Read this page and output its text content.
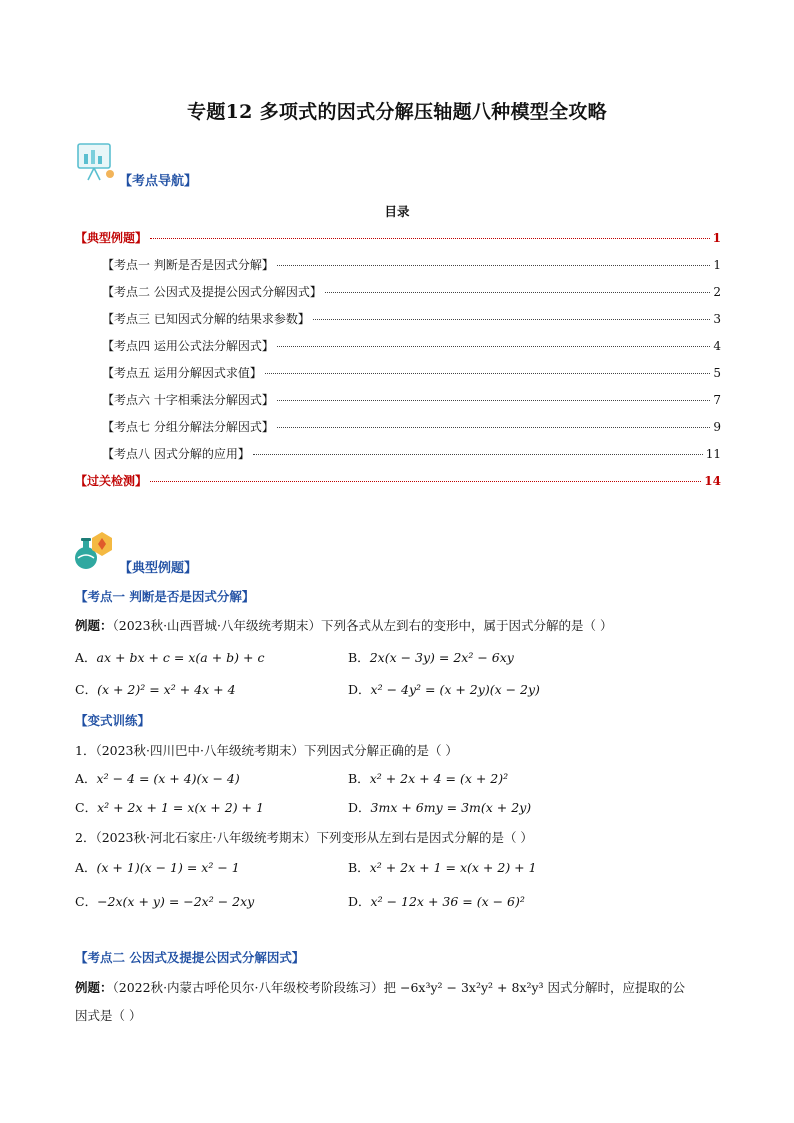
专题12 多项式的因式分解压轴题八种模型全攻略
【考点导航】
目录
【典型例题】	1
【考点一 判断是否是因式分解】	1
【考点二 公因式及提提公因式分解因式】	2
【考点三 已知因式分解的结果求参数】	3
【考点四 运用公式法分解因式】	4
【考点五 运用分解因式求值】	5
【考点六 十字相乘法分解因式】	7
【考点七 分组分解法分解因式】	9
【考点八 因式分解的应用】	11
【过关检测】	14
【典型例题】
【考点一 判断是否是因式分解】
例题：（2023秋·山西晋城·八年级统考期末）下列各式从左到右的变形中，属于因式分解的是（ ）
A．ax + bx + c = x(a + b) + c	B．2x(x − 3y) = 2x² − 6xy
C．(x + 2)² = x² + 4x + 4	D．x² − 4y² = (x + 2y)(x − 2y)
【变式训练】
1．（2023秋·四川巴中·八年级统考期末）下列因式分解正确的是（ ）
A．x² − 4 = (x + 4)(x − 4)	B．x² + 2x + 4 = (x + 2)²
C．x² + 2x + 1 = x(x + 2) + 1	D．3mx + 6my = 3m(x + 2y)
2．（2023秋·河北石家庄·八年级统考期末）下列变形从左到右是因式分解的是（ ）
A．(x + 1)(x − 1) = x² − 1	B．x² + 2x + 1 = x(x + 2) + 1
C．−2x(x + y) = −2x² − 2xy	D．x² − 12x + 36 = (x − 6)²
【考点二 公因式及提提公因式分解因式】
例题：（2022秋·内蒙古呼伦贝尔·八年级校考阶段练习）把 −6x³y² − 3x²y² + 8x²y³ 因式分解时，应提取的公
因式是（ ）
